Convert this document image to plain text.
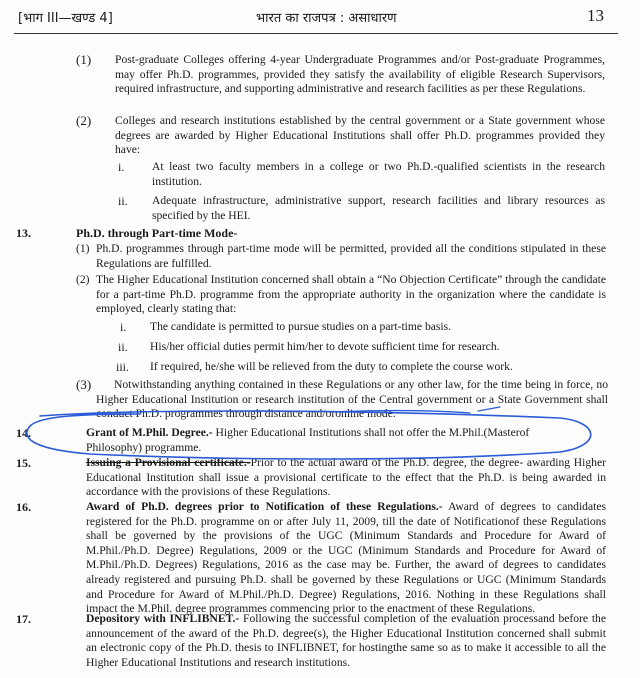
[भाग III—खण्ड 4]	भारत का राजपत्र : असाधारण	13
(1) Post-graduate Colleges offering 4-year Undergraduate Programmes and/or Post-graduate Programmes, may offer Ph.D. programmes, provided they satisfy the availability of eligible Research Supervisors, required infrastructure, and supporting administrative and research facilities as per these Regulations.
(2) Colleges and research institutions established by the central government or a State government whose degrees are awarded by Higher Educational Institutions shall offer Ph.D. programmes provided they have:
i. At least two faculty members in a college or two Ph.D.-qualified scientists in the research institution.
ii. Adequate infrastructure, administrative support, research facilities and library resources as specified by the HEI.
13.	Ph.D. through Part-time Mode-
(1) Ph.D. programmes through part-time mode will be permitted, provided all the conditions stipulated in these Regulations are fulfilled.
(2) The Higher Educational Institution concerned shall obtain a “No Objection Certificate” through the candidate for a part-time Ph.D. programme from the appropriate authority in the organization where the candidate is employed, clearly stating that:
i. The candidate is permitted to pursue studies on a part-time basis.
ii. His/her official duties permit him/her to devote sufficient time for research.
iii. If required, he/she will be relieved from the duty to complete the course work.
(3)	Notwithstanding anything contained in these Regulations or any other law, for the time being in force, no Higher Educational Institution or research institution of the Central government or a State Government shall conduct Ph.D. programmes through distance and/oronline mode.
14.	Grant of M.Phil. Degree.- Higher Educational Institutions shall not offer the M.Phil.(Masterof Philosophy) programme.
15.	Issuing a Provisional certificate.-Prior to the actual award of the Ph.D. degree, the degree- awarding Higher Educational Institution shall issue a provisional certificate to the effect that the Ph.D. is being awarded in accordance with the provisions of these Regulations.
16.	Award of Ph.D. degrees prior to Notification of these Regulations.- Award of degrees to candidates registered for the Ph.D. programme on or after July 11, 2009, till the date of Notificationof these Regulations shall be governed by the provisions of the UGC (Minimum Standards and Procedure for Award of M.Phil./Ph.D. Degree) Regulations, 2009 or the UGC (Minimum Standards and Procedure for Award of M.Phil./Ph.D. Degrees) Regulations, 2016 as the case may be. Further, the award of degrees to candidates already registered and pursuing Ph.D. shall be governed by these Regulations or UGC (Minimum Standards and Procedure for Award of M.Phil./Ph.D. Degree) Regulations, 2016. Nothing in these Regulations shall impact the M.Phil. degree programmes commencing prior to the enactment of these Regulations.
17.	Depository with INFLIBNET.- Following the successful completion of the evaluation processand before the announcement of the award of the Ph.D. degree(s), the Higher Educational Institution concerned shall submit an electronic copy of the Ph.D. thesis to INFLIBNET, for hostingthe same so as to make it accessible to all the Higher Educational Institutions and research institutions.
